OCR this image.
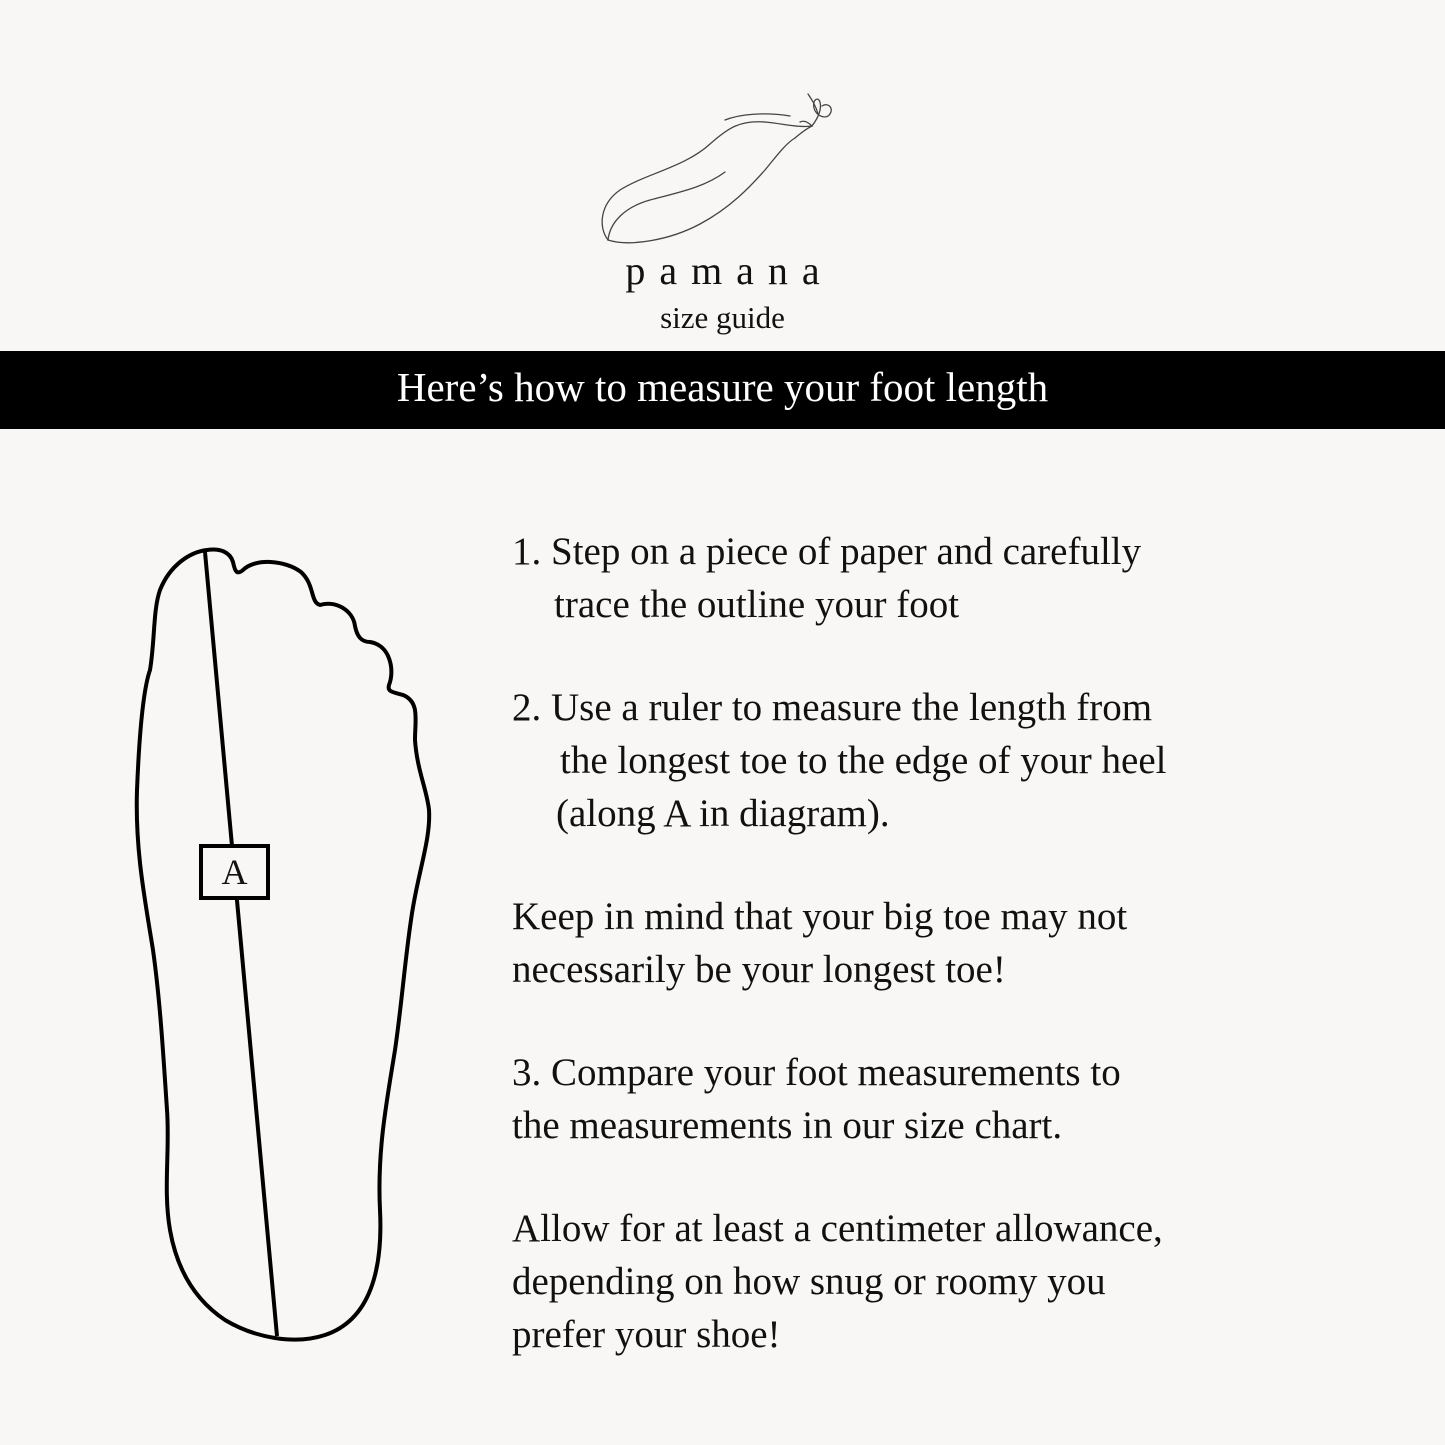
pamana
size guide
Here’s how to measure your foot length
A
1. Step on a piece of paper and carefully
trace the outline your foot
2. Use a ruler to measure the length from
the longest toe to the edge of your heel
(along A in diagram).
Keep in mind that your big toe may not
necessarily be your longest toe!
3. Compare your foot measurements to
the measurements in our size chart.
Allow for at least a centimeter allowance,
depending on how snug or roomy you
prefer your shoe!
